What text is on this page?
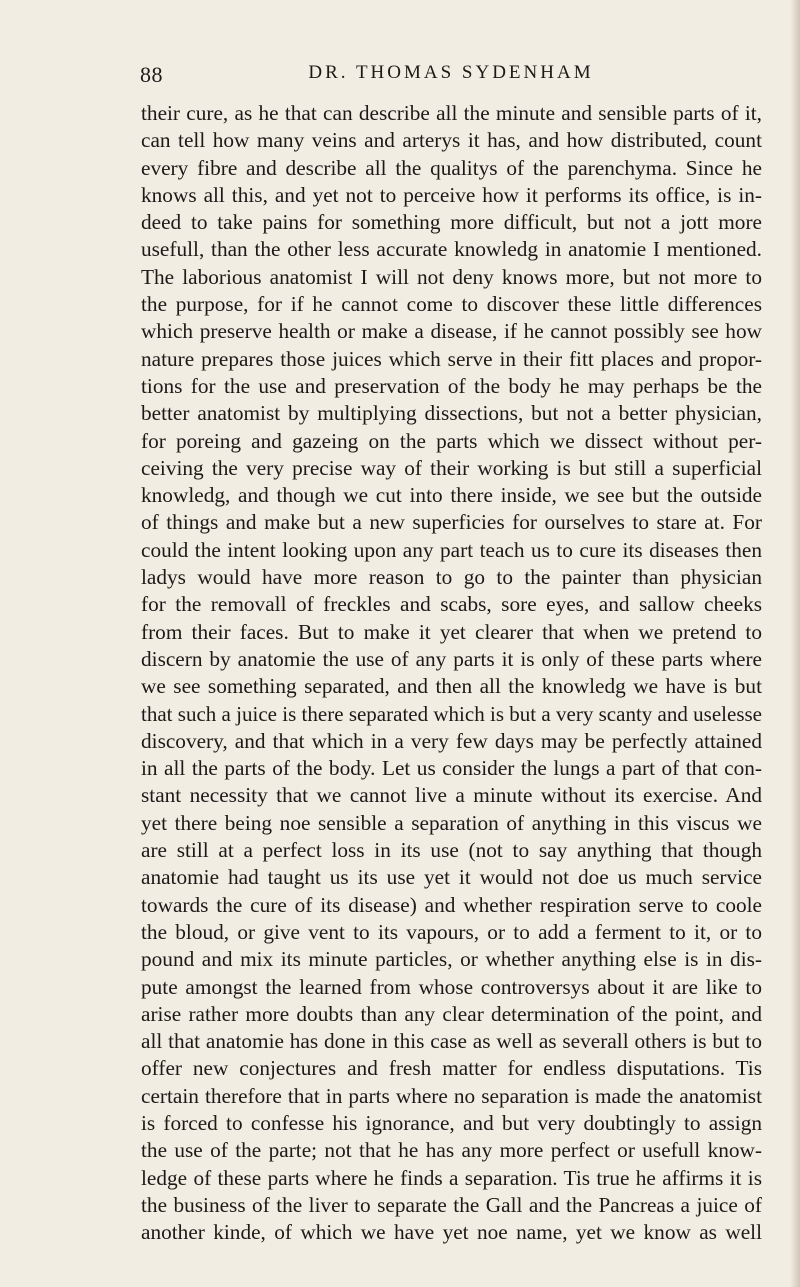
88	DR. THOMAS SYDENHAM
their cure, as he that can describe all the minute and sensible parts of it,
can tell how many veins and arterys it has, and how distributed, count
every fibre and describe all the qualitys of the parenchyma. Since he
knows all this, and yet not to perceive how it performs its office, is in-
deed to take pains for something more difficult, but not a jott more
usefull, than the other less accurate knowledg in anatomie I mentioned.
The laborious anatomist I will not deny knows more, but not more to
the purpose, for if he cannot come to discover these little differences
which preserve health or make a disease, if he cannot possibly see how
nature prepares those juices which serve in their fitt places and propor-
tions for the use and preservation of the body he may perhaps be the
better anatomist by multiplying dissections, but not a better physician,
for poreing and gazeing on the parts which we dissect without per-
ceiving the very precise way of their working is but still a superficial
knowledg, and though we cut into there inside, we see but the outside
of things and make but a new superficies for ourselves to stare at. For
could the intent looking upon any part teach us to cure its diseases then
ladys would have more reason to go to the painter than physician
for the removall of freckles and scabs, sore eyes, and sallow cheeks
from their faces. But to make it yet clearer that when we pretend to
discern by anatomie the use of any parts it is only of these parts where
we see something separated, and then all the knowledg we have is but
that such a juice is there separated which is but a very scanty and uselesse
discovery, and that which in a very few days may be perfectly attained
in all the parts of the body. Let us consider the lungs a part of that con-
stant necessity that we cannot live a minute without its exercise. And
yet there being noe sensible a separation of anything in this viscus we
are still at a perfect loss in its use (not to say anything that though
anatomie had taught us its use yet it would not doe us much service
towards the cure of its disease) and whether respiration serve to coole
the bloud, or give vent to its vapours, or to add a ferment to it, or to
pound and mix its minute particles, or whether anything else is in dis-
pute amongst the learned from whose controversys about it are like to
arise rather more doubts than any clear determination of the point, and
all that anatomie has done in this case as well as severall others is but to
offer new conjectures and fresh matter for endless disputations. Tis
certain therefore that in parts where no separation is made the anatomist
is forced to confesse his ignorance, and but very doubtingly to assign
the use of the parte; not that he has any more perfect or usefull know-
ledge of these parts where he finds a separation. Tis true he affirms it is
the business of the liver to separate the Gall and the Pancreas a juice of
another kinde, of which we have yet noe name, yet we know as well
